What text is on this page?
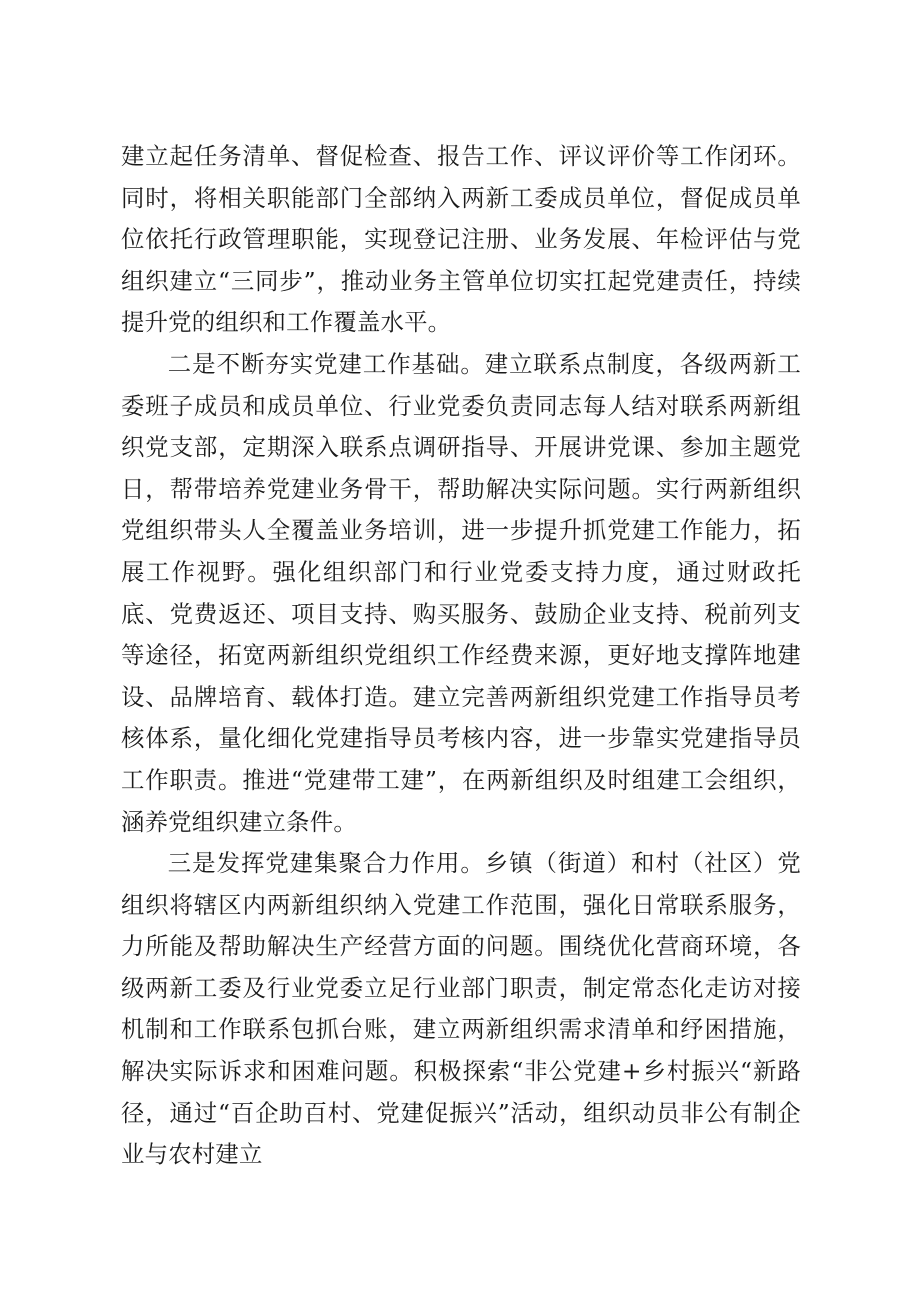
建立起任务清单、督促检查、报告工作、评议评价等工作闭环。同时，将相关职能部门全部纳入两新工委成员单位，督促成员单位依托行政管理职能，实现登记注册、业务发展、年检评估与党组织建立“三同步”，推动业务主管单位切实扛起党建责任，持续提升党的组织和工作覆盖水平。

二是不断夯实党建工作基础。建立联系点制度，各级两新工委班子成员和成员单位、行业党委负责同志每人结对联系两新组织党支部，定期深入联系点调研指导、开展讲党课、参加主题党日，帮带培养党建业务骨干，帮助解决实际问题。实行两新组织党组织带头人全覆盖业务培训，进一步提升抓党建工作能力，拓展工作视野。强化组织部门和行业党委支持力度，通过财政托底、党费返还、项目支持、购买服务、鼓励企业支持、税前列支等途径，拓宽两新组织党组织工作经费来源，更好地支撑阵地建设、品牌培育、载体打造。建立完善两新组织党建工作指导员考核体系，量化细化党建指导员考核内容，进一步靠实党建指导员工作职责。推进“党建带工建”，在两新组织及时组建工会组织，涵养党组织建立条件。

三是发挥党建集聚合力作用。乡镇（街道）和村（社区）党组织将辖区内两新组织纳入党建工作范围，强化日常联系服务，力所能及帮助解决生产经营方面的问题。围绕优化营商环境，各级两新工委及行业党委立足行业部门职责，制定常态化走访对接机制和工作联系包抓台账，建立两新组织需求清单和纾困措施，解决实际诉求和困难问题。积极探索“非公党建+乡村振兴“新路径，通过“百企助百村、党建促振兴”活动，组织动员非公有制企业与农村建立
